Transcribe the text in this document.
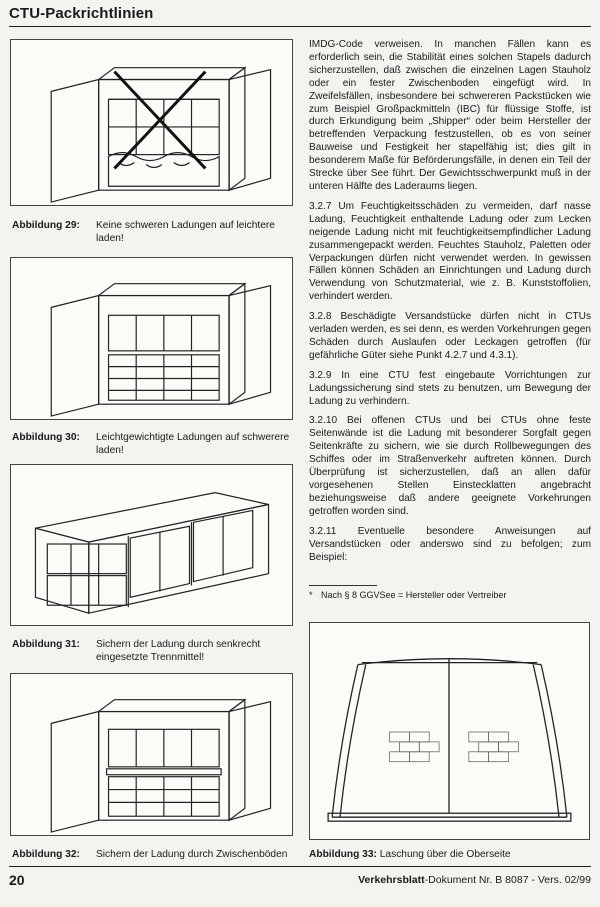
CTU-Packrichtlinien
Abbildung 29:	Keine schweren Ladungen auf leichtere laden!
Abbildung 30:	Leichtgewichtigte Ladungen auf schwerere laden!
Abbildung 31:	Sichern der Ladung durch senkrecht eingesetzte Trennmittel!
Abbildung 32:	Sichern der Ladung durch Zwischenböden

IMDG-Code verweisen. In manchen Fällen kann es erforderlich sein, die Stabilität eines solchen Stapels dadurch sicherzustellen, daß zwischen die einzelnen Lagen Stauholz oder ein fester Zwischenboden eingefügt wird. In Zweifelsfällen, insbesondere bei schwereren Packstücken wie zum Beispiel Großpackmitteln (IBC) für flüssige Stoffe, ist durch Erkundigung beim „Shipper“ oder beim Hersteller der betreffenden Verpackung festzustellen, ob es von seiner Bauweise und Festigkeit her stapelfähig ist; dies gilt in besonderem Maße für Beförderungsfälle, in denen ein Teil der Strecke über See führt. Der Gewichtsschwerpunkt muß in der unteren Hälfte des Laderaums liegen.

3.2.7 Um Feuchtigkeitsschäden zu vermeiden, darf nasse Ladung, Feuchtigkeit enthaltende Ladung oder zum Lecken neigende Ladung nicht mit feuchtigkeitsempfindlicher Ladung zusammengepackt werden. Feuchtes Stauholz, Paletten oder Verpackungen dürfen nicht verwendet werden. In gewissen Fällen können Schäden an Einrichtungen und Ladung durch Verwendung von Schutzmaterial, wie z. B. Kunststoffolien, verhindert werden.

3.2.8 Beschädigte Versandstücke dürfen nicht in CTUs verladen werden, es sei denn, es werden Vorkehrungen gegen Schäden durch Auslaufen oder Leckagen getroffen (für gefährliche Güter siehe Punkt 4.2.7 und 4.3.1).

3.2.9 In eine CTU fest eingebaute Vorrichtungen zur Ladungssicherung sind stets zu benutzen, um Bewegung der Ladung zu verhindern.

3.2.10 Bei offenen CTUs und bei CTUs ohne feste Seitenwände ist die Ladung mit besonderer Sorgfalt gegen Seitenkräfte zu sichern, wie sie durch Rollbewegungen des Schiffes oder im Straßenverkehr auftreten können. Durch Überprüfung ist sicherzustellen, daß an allen dafür vorgesehenen Stellen Einstecklatten angebracht beziehungsweise daß andere geeignete Vorkehrungen getroffen worden sind.

3.2.11 Eventuelle besondere Anweisungen auf Versandstücken oder anderswo sind zu befolgen; zum Beispiel:

* Nach § 8 GGVSee = Hersteller oder Vertreiber
Abbildung 33: Laschung über die Oberseite
20	Verkehrsblatt-Dokument Nr. B 8087 - Vers. 02/99
